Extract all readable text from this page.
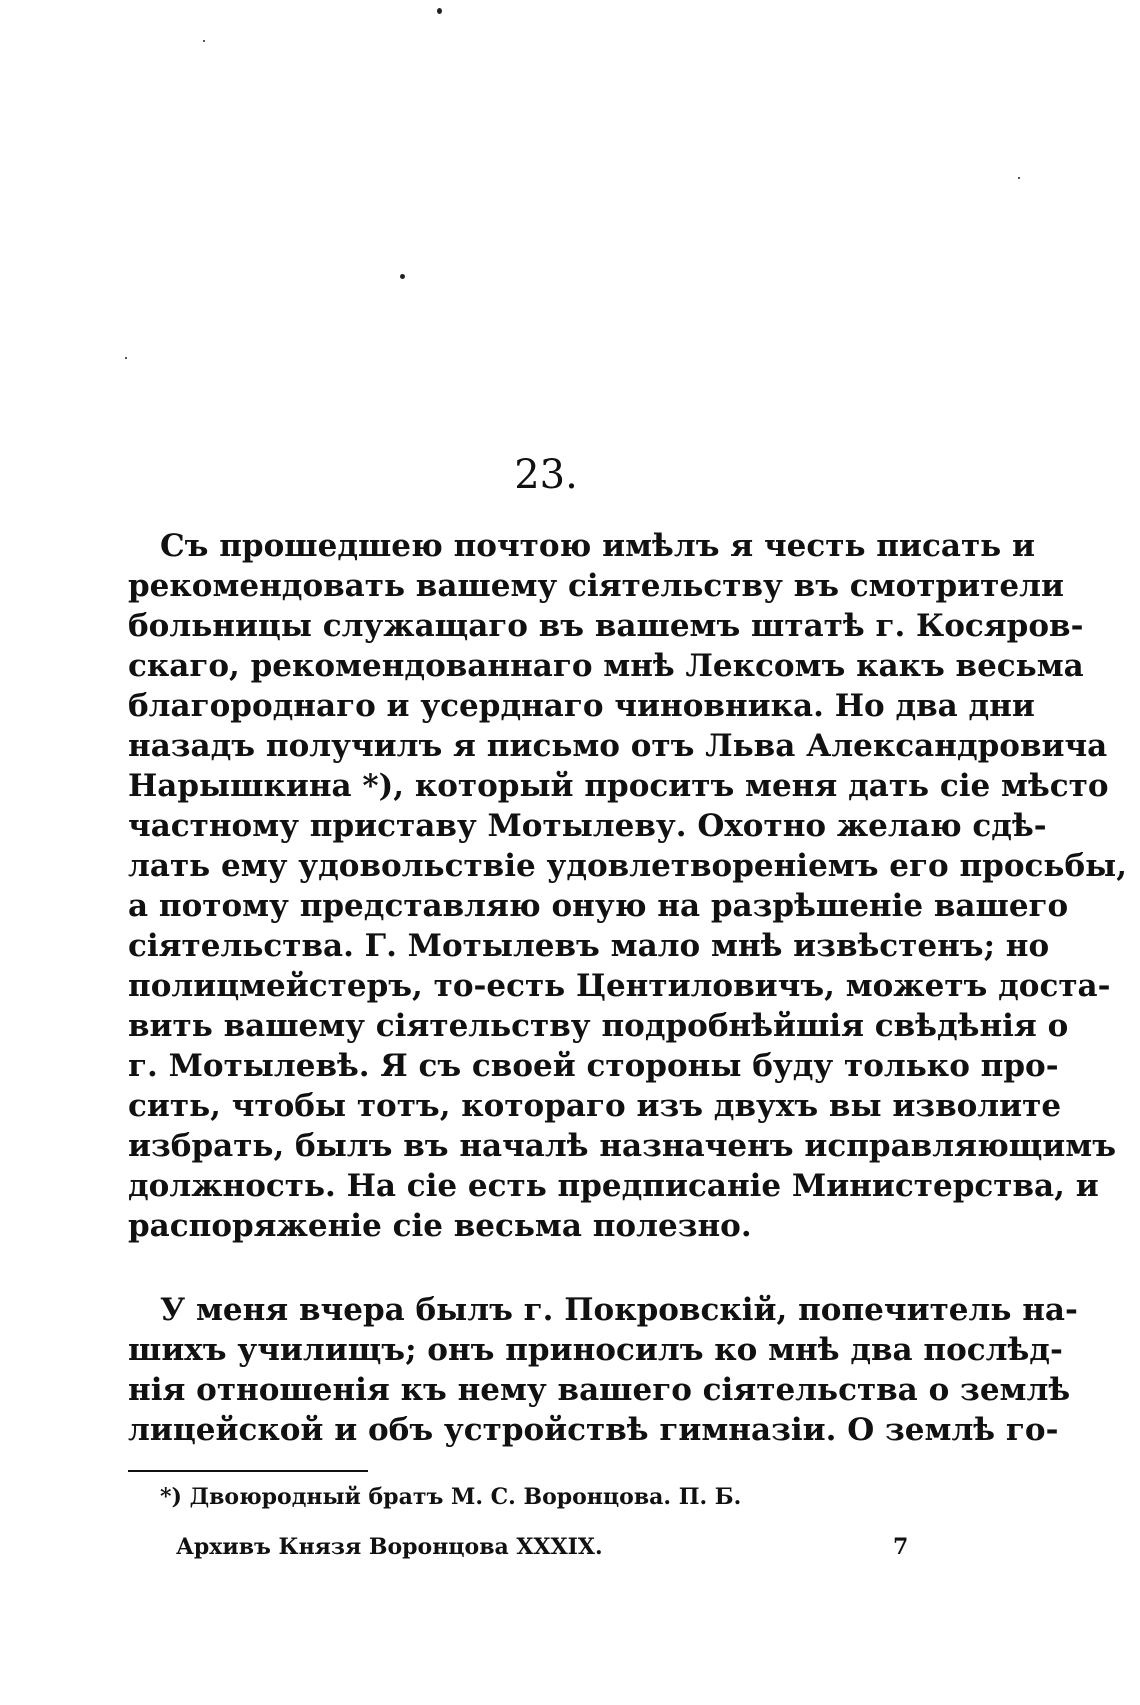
23.
Съ прошедшею почтою имѣлъ я честь писать и
рекомендовать вашему сіятельству въ смотрители
больницы служащаго въ вашемъ штатѣ г. Косяров-
скаго, рекомендованнаго мнѣ Лексомъ какъ весьма
благороднаго и усерднаго чиновника. Но два дни
назадъ получилъ я письмо отъ Льва Александровича
Нарышкина *), который проситъ меня дать сіе мѣсто
частному приставу Мотылеву. Охотно желаю сдѣ-
лать ему удовольствіе удовлетвореніемъ его просьбы,
а потому представляю оную на разрѣшеніе вашего
сіятельства. Г. Мотылевъ мало мнѣ извѣстенъ; но
полицмейстеръ, то-есть Центиловичъ, можетъ доста-
вить вашему сіятельству подробнѣйшія свѣдѣнія о
г. Мотылевѣ. Я съ своей стороны буду только про-
сить, чтобы тотъ, котораго изъ двухъ вы изволите
избрать, былъ въ началѣ назначенъ исправляющимъ
должность. На сіе есть предписаніе Министерства, и
распоряженіе сіе весьма полезно.
У меня вчера былъ г. Покровскій, попечитель на-
шихъ училищъ; онъ приносилъ ко мнѣ два послѣд-
нія отношенія къ нему вашего сіятельства о землѣ
лицейской и объ устройствѣ гимназіи. О землѣ го-
*) Двоюродный братъ М. С. Воронцова. П. Б.
Архивъ Князя Воронцова XXXIX.	7
